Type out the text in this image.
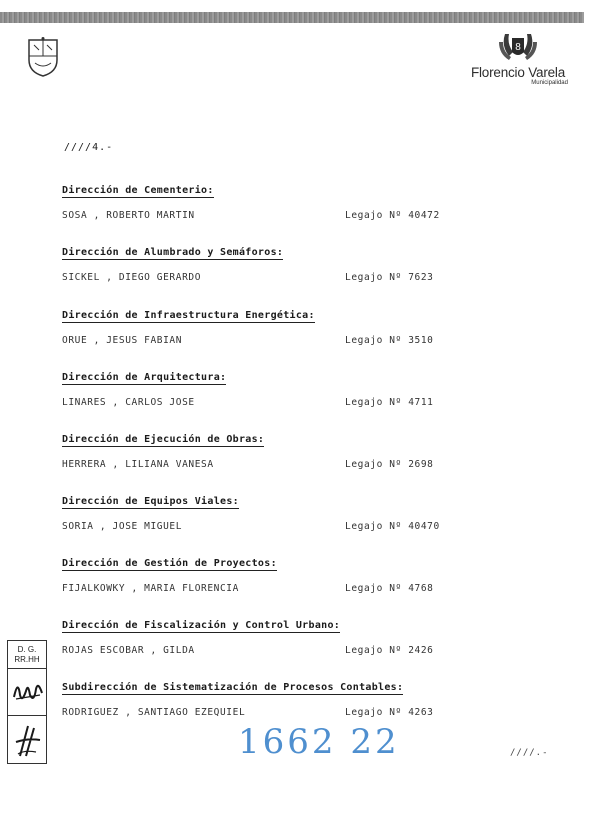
8
Florencio Varela
Municipalidad
////4.-
Dirección de Cementerio:
SOSA , ROBERTO MARTIN	Legajo Nº 40472
Dirección de Alumbrado y Semáforos:
SICKEL , DIEGO GERARDO	Legajo Nº 7623
Dirección de Infraestructura Energética:
ORUE , JESUS FABIAN	Legajo Nº 3510
Dirección de Arquitectura:
LINARES , CARLOS JOSE	Legajo Nº 4711
Dirección de Ejecución de Obras:
HERRERA , LILIANA VANESA	Legajo Nº 2698
Dirección de Equipos Viales:
SORIA , JOSE MIGUEL	Legajo Nº 40470
Dirección de Gestión de Proyectos:
FIJALKOWKY , MARIA FLORENCIA	Legajo Nº 4768
Dirección de Fiscalización y Control Urbano:
ROJAS ESCOBAR , GILDA	Legajo Nº 2426
Subdirección de Sistematización de Procesos Contables:
RODRIGUEZ , SANTIAGO EZEQUIEL	Legajo Nº 4263
1662 22	////.-
D. G.
RR.HH
